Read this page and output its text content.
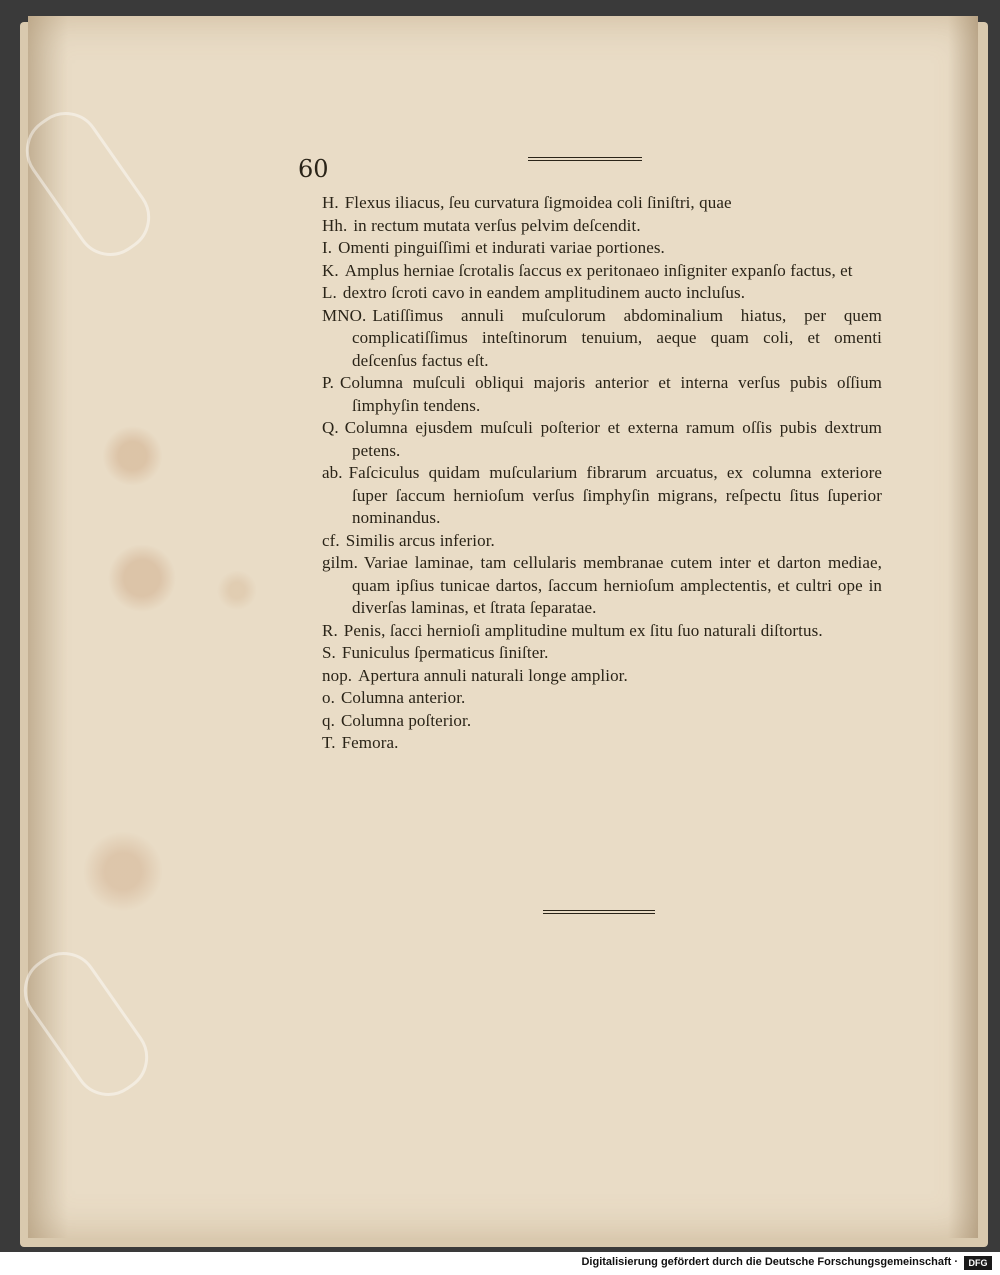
60

H. Flexus iliacus, ſeu curvatura ſigmoidea coli ſiniſtri, quae

Hh. in rectum mutata verſus pelvim deſcendit.

I. Omenti pinguiſſimi et indurati variae portiones.

K. Amplus herniae ſcrotalis ſaccus ex peritonaeo inſigniter expanſo factus, et

L. dextro ſcroti cavo in eandem amplitudinem aucto incluſus.

MNO. Latiſſimus annuli muſculorum abdominalium hiatus, per quem complicatiſſimus inteſtinorum tenuium, aeque quam coli, et omenti deſcenſus factus eſt.

P. Columna muſculi obliqui majoris anterior et interna verſus pubis oſſium ſimphyſin tendens.

Q. Columna ejusdem muſculi poſterior et externa ramum oſſis pubis dextrum petens.

ab. Faſciculus quidam muſcularium fibrarum arcuatus, ex columna exteriore ſuper ſaccum hernioſum verſus ſimphyſin migrans, reſpectu ſitus ſuperior nominandus.

cf. Similis arcus inferior.

gilm. Variae laminae, tam cellularis membranae cutem inter et darton mediae, quam ipſius tunicae dartos, ſaccum hernioſum amplectentis, et cultri ope in diverſas laminas, et ſtrata ſeparatae.

R. Penis, ſacci hernioſi amplitudine multum ex ſitu ſuo naturali diſtortus.

S. Funiculus ſpermaticus ſiniſter.

nop. Apertura annuli naturali longe amplior.

o. Columna anterior.

q. Columna poſterior.

T. Femora.

Digitalisierung gefördert durch die Deutsche Forschungsgemeinschaft ·	DFG
